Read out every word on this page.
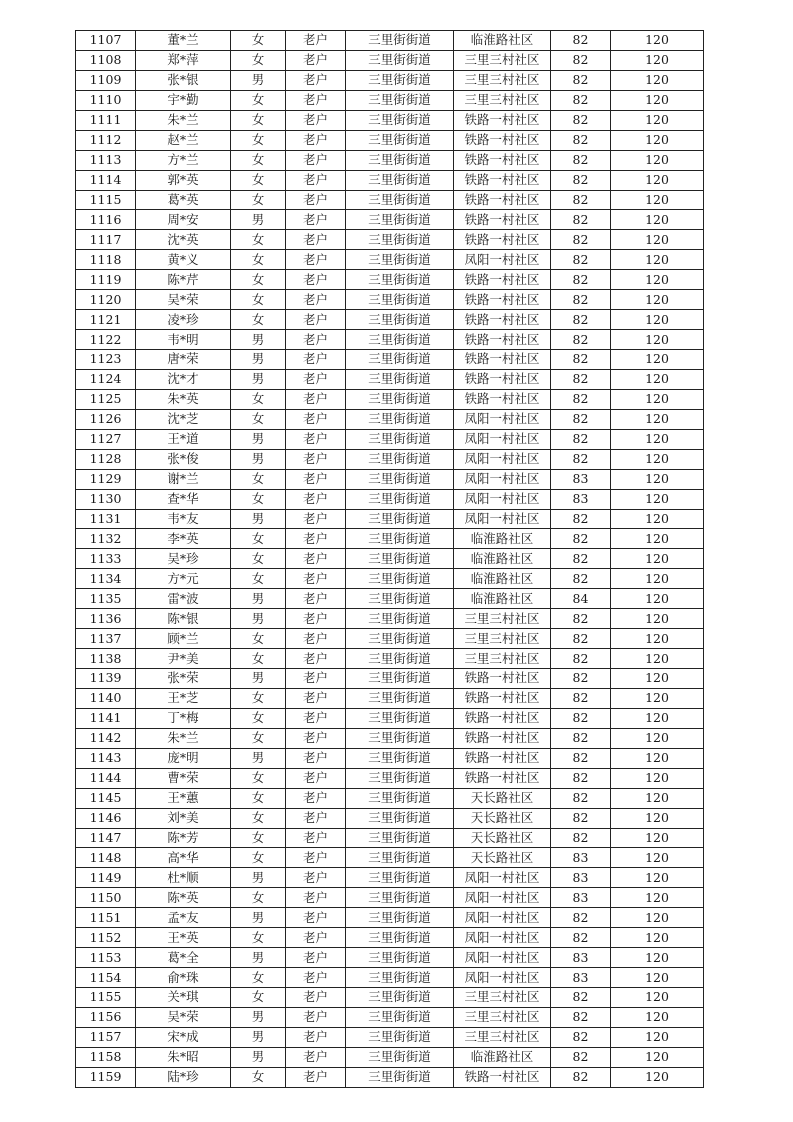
1107	董*兰	女	老户	三里街街道	临淮路社区	82	120
1108	郑*萍	女	老户	三里街街道	三里三村社区	82	120
1109	张*银	男	老户	三里街街道	三里三村社区	82	120
1110	宇*勤	女	老户	三里街街道	三里三村社区	82	120
1111	朱*兰	女	老户	三里街街道	铁路一村社区	82	120
1112	赵*兰	女	老户	三里街街道	铁路一村社区	82	120
1113	方*兰	女	老户	三里街街道	铁路一村社区	82	120
1114	郭*英	女	老户	三里街街道	铁路一村社区	82	120
1115	葛*英	女	老户	三里街街道	铁路一村社区	82	120
1116	周*安	男	老户	三里街街道	铁路一村社区	82	120
1117	沈*英	女	老户	三里街街道	铁路一村社区	82	120
1118	黄*义	女	老户	三里街街道	凤阳一村社区	82	120
1119	陈*芹	女	老户	三里街街道	铁路一村社区	82	120
1120	吴*荣	女	老户	三里街街道	铁路一村社区	82	120
1121	凌*珍	女	老户	三里街街道	铁路一村社区	82	120
1122	韦*明	男	老户	三里街街道	铁路一村社区	82	120
1123	唐*荣	男	老户	三里街街道	铁路一村社区	82	120
1124	沈*才	男	老户	三里街街道	铁路一村社区	82	120
1125	朱*英	女	老户	三里街街道	铁路一村社区	82	120
1126	沈*芝	女	老户	三里街街道	凤阳一村社区	82	120
1127	王*道	男	老户	三里街街道	凤阳一村社区	82	120
1128	张*俊	男	老户	三里街街道	凤阳一村社区	82	120
1129	谢*兰	女	老户	三里街街道	凤阳一村社区	83	120
1130	查*华	女	老户	三里街街道	凤阳一村社区	83	120
1131	韦*友	男	老户	三里街街道	凤阳一村社区	82	120
1132	李*英	女	老户	三里街街道	临淮路社区	82	120
1133	吴*珍	女	老户	三里街街道	临淮路社区	82	120
1134	方*元	女	老户	三里街街道	临淮路社区	82	120
1135	雷*波	男	老户	三里街街道	临淮路社区	84	120
1136	陈*银	男	老户	三里街街道	三里三村社区	82	120
1137	顾*兰	女	老户	三里街街道	三里三村社区	82	120
1138	尹*美	女	老户	三里街街道	三里三村社区	82	120
1139	张*荣	男	老户	三里街街道	铁路一村社区	82	120
1140	王*芝	女	老户	三里街街道	铁路一村社区	82	120
1141	丁*梅	女	老户	三里街街道	铁路一村社区	82	120
1142	朱*兰	女	老户	三里街街道	铁路一村社区	82	120
1143	庞*明	男	老户	三里街街道	铁路一村社区	82	120
1144	曹*荣	女	老户	三里街街道	铁路一村社区	82	120
1145	王*蕙	女	老户	三里街街道	天长路社区	82	120
1146	刘*美	女	老户	三里街街道	天长路社区	82	120
1147	陈*芳	女	老户	三里街街道	天长路社区	82	120
1148	高*华	女	老户	三里街街道	天长路社区	83	120
1149	杜*顺	男	老户	三里街街道	凤阳一村社区	83	120
1150	陈*英	女	老户	三里街街道	凤阳一村社区	83	120
1151	孟*友	男	老户	三里街街道	凤阳一村社区	82	120
1152	王*英	女	老户	三里街街道	凤阳一村社区	82	120
1153	葛*全	男	老户	三里街街道	凤阳一村社区	83	120
1154	俞*珠	女	老户	三里街街道	凤阳一村社区	83	120
1155	关*琪	女	老户	三里街街道	三里三村社区	82	120
1156	吴*荣	男	老户	三里街街道	三里三村社区	82	120
1157	宋*成	男	老户	三里街街道	三里三村社区	82	120
1158	朱*昭	男	老户	三里街街道	临淮路社区	82	120
1159	陆*珍	女	老户	三里街街道	铁路一村社区	82	120
